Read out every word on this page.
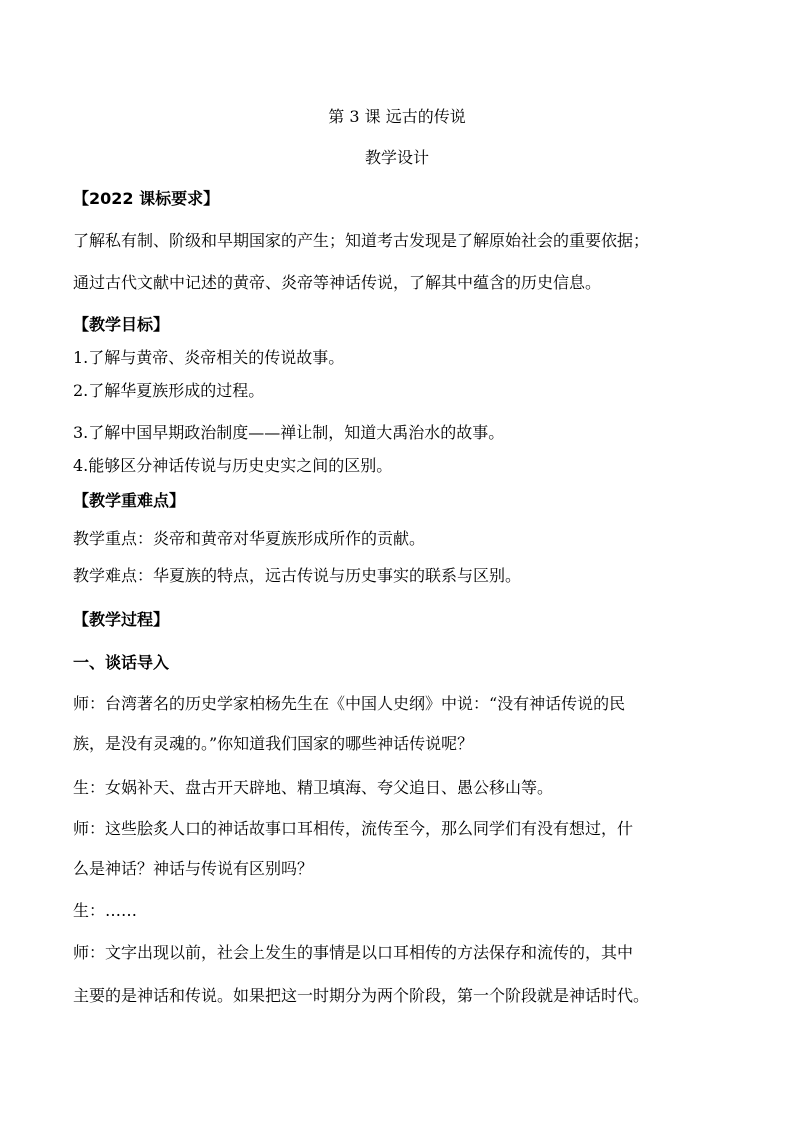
第 3 课 远古的传说
教学设计
【2022 课标要求】
了解私有制、阶级和早期国家的产生；知道考古发现是了解原始社会的重要依据；
通过古代文献中记述的黄帝、炎帝等神话传说，了解其中蕴含的历史信息。
【教学目标】
1.了解与黄帝、炎帝相关的传说故事。
2.了解华夏族形成的过程。
3.了解中国早期政治制度——禅让制，知道大禹治水的故事。
4.能够区分神话传说与历史史实之间的区别。
【教学重难点】
教学重点：炎帝和黄帝对华夏族形成所作的贡献。
教学难点：华夏族的特点，远古传说与历史事实的联系与区别。
【教学过程】
一、谈话导入
师：台湾著名的历史学家柏杨先生在《中国人史纲》中说：“没有神话传说的民
族，是没有灵魂的。”你知道我们国家的哪些神话传说呢？
生：女娲补天、盘古开天辟地、精卫填海、夸父追日、愚公移山等。
师：这些脍炙人口的神话故事口耳相传，流传至今，那么同学们有没有想过，什
么是神话？神话与传说有区别吗？
生：……
师：文字出现以前，社会上发生的事情是以口耳相传的方法保存和流传的，其中
主要的是神话和传说。如果把这一时期分为两个阶段，第一个阶段就是神话时代。
